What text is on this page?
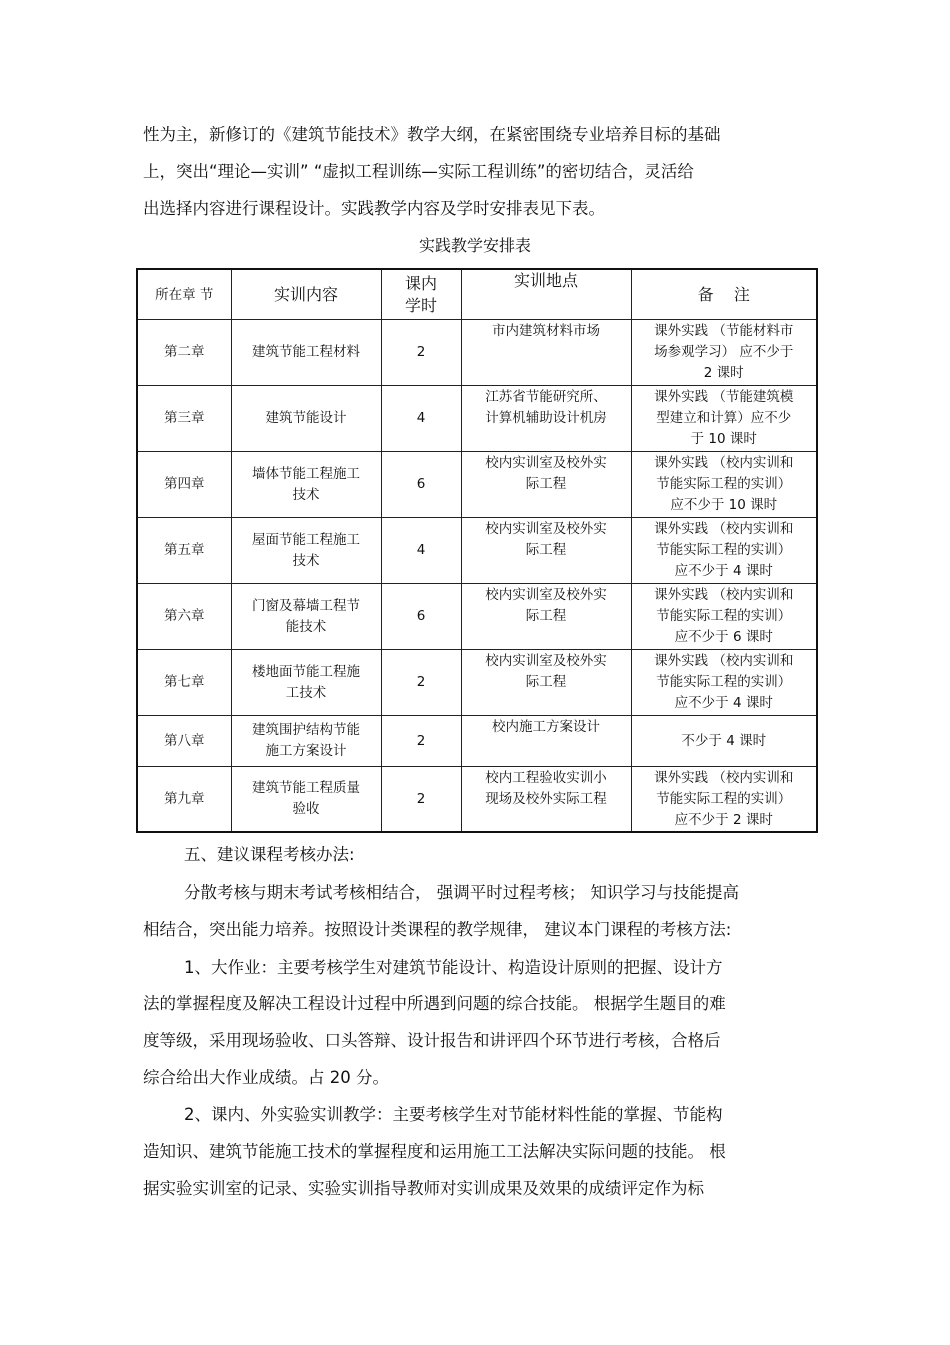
性为主，新修订的《建筑节能技术》教学大纲，在紧密围绕专业培养目标的基础
上，突出“理论—实训” “虚拟工程训练—实际工程训练”的密切结合，灵活给
出选择内容进行课程设计。实践教学内容及学时安排表见下表。
实践教学安排表
所在章 节	实训内容	课内
学时	实训地点	备    注
第二章	建筑节能工程材料	2	市内建筑材料市场	课外实践 （节能材料市
场参观学习） 应不少于
2 课时
第三章	建筑节能设计	4	江苏省节能研究所、
计算机辅助设计机房	课外实践 （节能建筑模
型建立和计算）应不少
于 10 课时
第四章	墙体节能工程施工
技术	6	校内实训室及校外实
际工程	课外实践 （校内实训和
节能实际工程的实训）
应不少于 10 课时
第五章	屋面节能工程施工
技术	4	校内实训室及校外实
际工程	课外实践 （校内实训和
节能实际工程的实训）
应不少于 4 课时
第六章	门窗及幕墙工程节
能技术	6	校内实训室及校外实
际工程	课外实践 （校内实训和
节能实际工程的实训）
应不少于 6 课时
第七章	楼地面节能工程施
工技术	2	校内实训室及校外实
际工程	课外实践 （校内实训和
节能实际工程的实训）
应不少于 4 课时
第八章	建筑围护结构节能
施工方案设计	2	校内施工方案设计	不少于 4 课时
第九章	建筑节能工程质量
验收	2	校内工程验收实训小
现场及校外实际工程	课外实践 （校内实训和
节能实际工程的实训）
应不少于 2 课时
五、建议课程考核办法:
分散考核与期末考试考核相结合， 强调平时过程考核； 知识学习与技能提高
相结合，突出能力培养。按照设计类课程的教学规律， 建议本门课程的考核方法:
1、大作业：主要考核学生对建筑节能设计、构造设计原则的把握、设计方
法的掌握程度及解决工程设计过程中所遇到问题的综合技能。 根据学生题目的难
度等级，采用现场验收、口头答辩、设计报告和讲评四个环节进行考核，合格后
综合给出大作业成绩。占 20 分。
2、课内、外实验实训教学：主要考核学生对节能材料性能的掌握、节能构
造知识、建筑节能施工技术的掌握程度和运用施工工法解决实际问题的技能。 根
据实验实训室的记录、实验实训指导教师对实训成果及效果的成绩评定作为标
